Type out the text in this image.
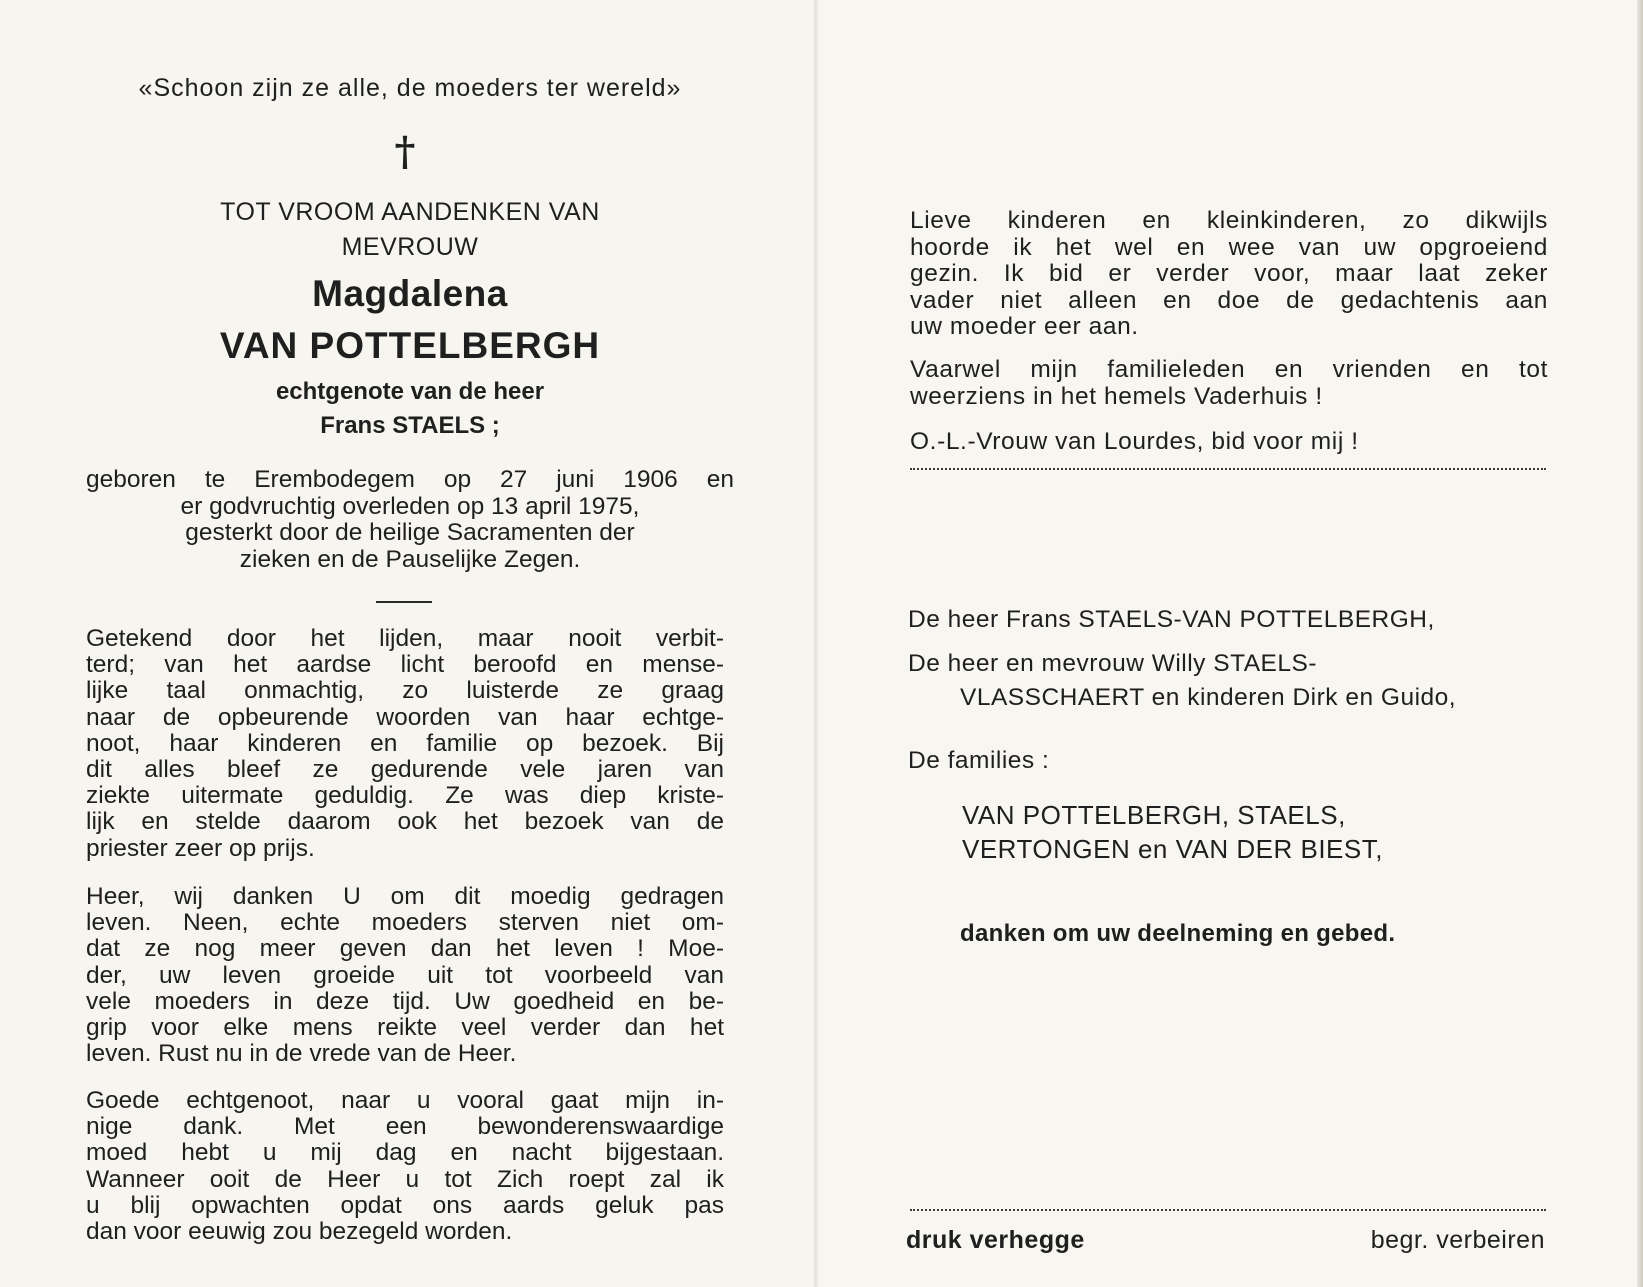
«Schoon zijn ze alle, de moeders ter wereld»

†

TOT VROOM AANDENKEN VAN

MEVROUW

Magdalena

VAN POTTELBERGH

echtgenote van de heer

Frans STAELS ;

geboren te Erembodegem op 27 juni 1906 en
er godvruchtig overleden op 13 april 1975,
gesterkt door de heilige Sacramenten der
zieken en de Pauselijke Zegen.
Getekend door het lijden, maar nooit verbit-
terd; van het aardse licht beroofd en mense-
lijke taal onmachtig, zo luisterde ze graag
naar de opbeurende woorden van haar echtge-
noot, haar kinderen en familie op bezoek. Bij
dit alles bleef ze gedurende vele jaren van
ziekte uitermate geduldig. Ze was diep kriste-
lijk en stelde daarom ook het bezoek van de
priester zeer op prijs.
Heer, wij danken U om dit moedig gedragen
leven. Neen, echte moeders sterven niet om-
dat ze nog meer geven dan het leven ! Moe-
der, uw leven groeide uit tot voorbeeld van
vele moeders in deze tijd. Uw goedheid en be-
grip voor elke mens reikte veel verder dan het
leven. Rust nu in de vrede van de Heer.
Goede echtgenoot, naar u vooral gaat mijn in-
nige dank. Met een bewonderenswaardige
moed hebt u mij dag en nacht bijgestaan.
Wanneer ooit de Heer u tot Zich roept zal ik
u blij opwachten opdat ons aards geluk pas
dan voor eeuwig zou bezegeld worden.
Lieve kinderen en kleinkinderen, zo dikwijls
hoorde ik het wel en wee van uw opgroeiend
gezin. Ik bid er verder voor, maar laat zeker
vader niet alleen en doe de gedachtenis aan
uw moeder eer aan.
Vaarwel mijn familieleden en vrienden en tot
weerziens in het hemels Vaderhuis !

O.-L.-Vrouw van Lourdes, bid voor mij !

De heer Frans STAELS-VAN POTTELBERGH,

De heer en mevrouw Willy STAELS-

VLASSCHAERT en kinderen Dirk en Guido,

De families :

VAN POTTELBERGH, STAELS,

VERTONGEN en VAN DER BIEST,

danken om uw deelneming en gebed.

druk verhegge	begr. verbeiren
